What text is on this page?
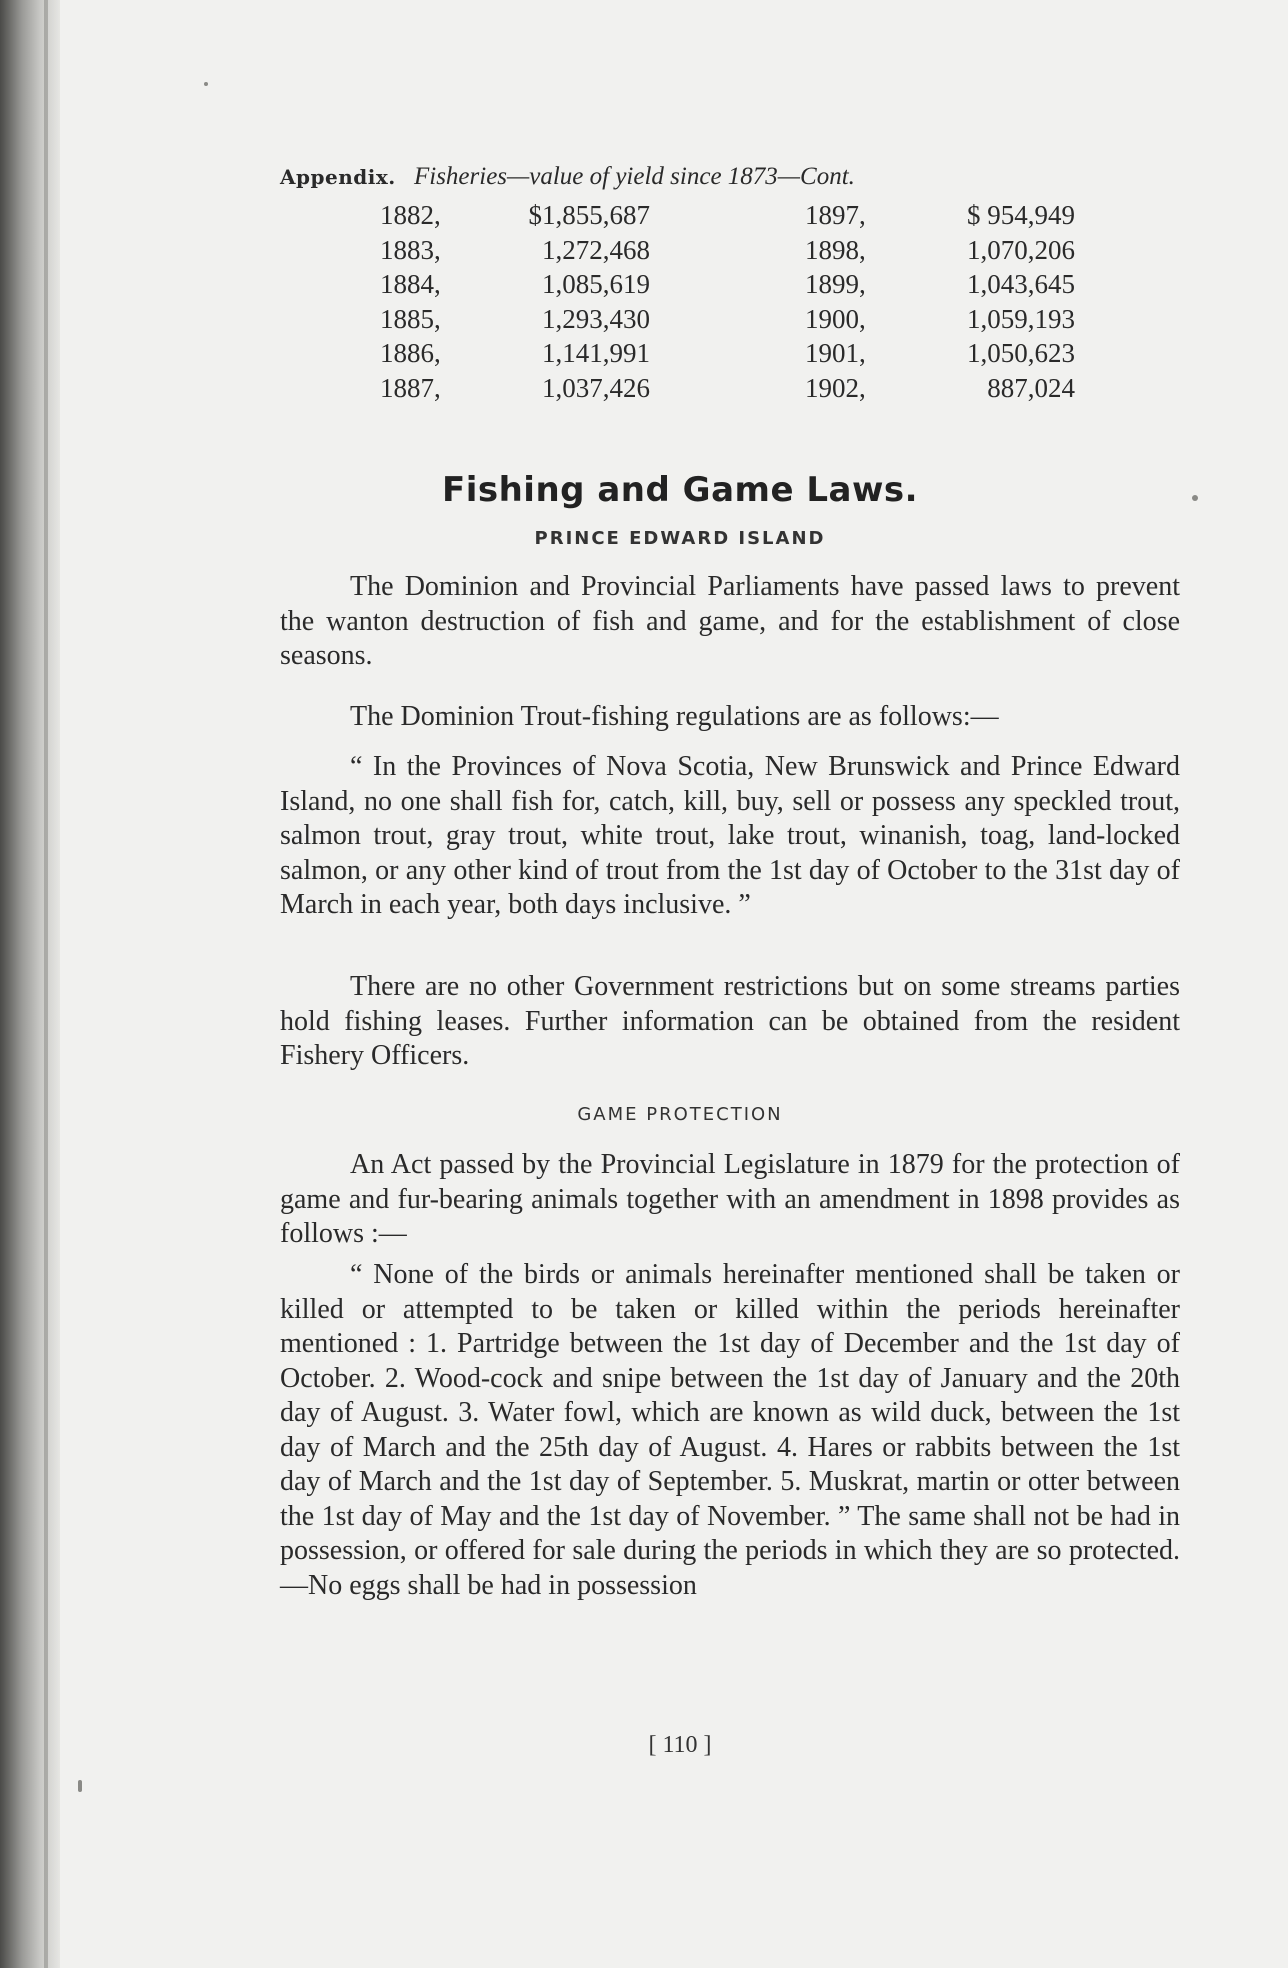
Appendix. Fisheries—value of yield since 1873—Cont.
1882,	$1,855,687
1883,	1,272,468
1884,	1,085,619
1885,	1,293,430
1886,	1,141,991
1887,	1,037,426
1897,	$ 954,949
1898,	1,070,206
1899,	1,043,645
1900,	1,059,193
1901,	1,050,623
1902,	887,024
Fishing and Game Laws.
PRINCE EDWARD ISLAND

The Dominion and Provincial Parliaments have passed laws to prevent the wanton destruction of fish and game, and for the establishment of close seasons.

The Dominion Trout-fishing regulations are as follows:—

“ In the Provinces of Nova Scotia, New Brunswick and Prince Edward Island, no one shall fish for, catch, kill, buy, sell or possess any speckled trout, salmon trout, gray trout, white trout, lake trout, winanish, toag, land-locked salmon, or any other kind of trout from the 1st day of October to the 31st day of March in each year, both days inclusive. ”

There are no other Government restrictions but on some streams parties hold fishing leases. Further information can be obtained from the resident Fishery Officers.

GAME PROTECTION

An Act passed by the Provincial Legislature in 1879 for the protection of game and fur-bearing animals together with an amendment in 1898 provides as follows :—

“ None of the birds or animals hereinafter mentioned shall be taken or killed or attempted to be taken or killed within the periods hereinafter mentioned : 1. Partridge between the 1st day of December and the 1st day of October. 2. Wood-cock and snipe between the 1st day of January and the 20th day of August. 3. Water fowl, which are known as wild duck, between the 1st day of March and the 25th day of August. 4. Hares or rabbits between the 1st day of March and the 1st day of September. 5. Muskrat, martin or otter between the 1st day of May and the 1st day of November. ” The same shall not be had in possession, or offered for sale during the periods in which they are so protected.—No eggs shall be had in possession

[ 110 ]
